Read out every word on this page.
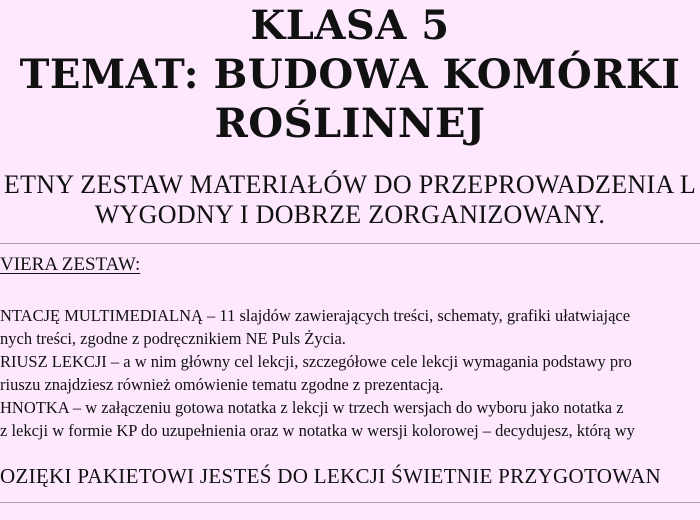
KLASA 5
TEMAT: BUDOWA KOMÓRKI
ROŚLINNEJ
ETNY ZESTAW MATERIAŁÓW DO PRZEPROWADZENIA L
WYGODNY I DOBRZE ZORGANIZOWANY.
VIERA ZESTAW:
NTACJĘ MULTIMEDIALNĄ – 11 slajdów zawierających treści, schematy, grafiki ułatwiające
nych treści, zgodne z podręcznikiem NE Puls Życia.
RIUSZ LEKCJI – a w nim główny cel lekcji, szczegółowe cele lekcji wymagania podstawy pro
riuszu znajdziesz również omówienie tematu zgodne z prezentacją.
HNOTKA – w załączeniu gotowa notatka z lekcji w trzech wersjach do wyboru jako notatka z
z lekcji w formie KP do uzupełnienia oraz w notatka w wersji kolorowej – decydujesz, którą wy
OZIĘKI PAKIETOWI JESTEŚ DO LEKCJI ŚWIETNIE PRZYGOTOWAN
